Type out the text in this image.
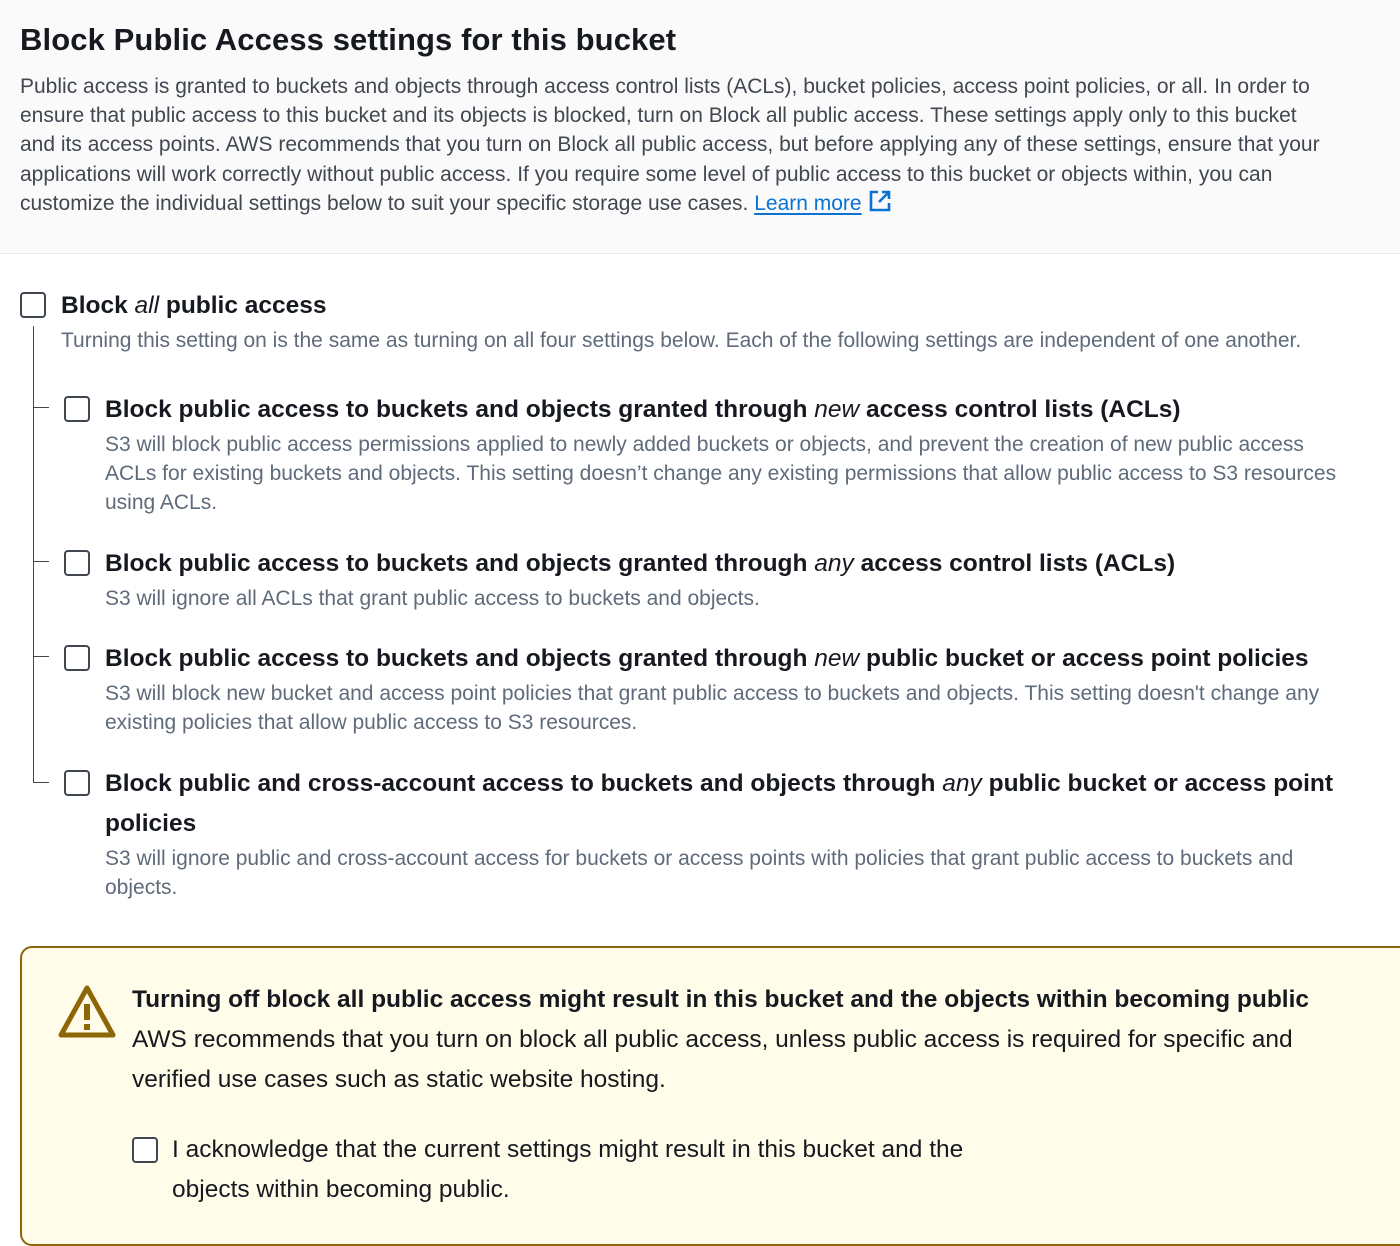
Block Public Access settings for this bucket
Public access is granted to buckets and objects through access control lists (ACLs), bucket policies, access point policies, or all. In order to
ensure that public access to this bucket and its objects is blocked, turn on Block all public access. These settings apply only to this bucket
and its access points. AWS recommends that you turn on Block all public access, but before applying any of these settings, ensure that your
applications will work correctly without public access. If you require some level of public access to this bucket or objects within, you can
customize the individual settings below to suit your specific storage use cases. Learn more
Block all public access
Turning this setting on is the same as turning on all four settings below. Each of the following settings are independent of one another.
Block public access to buckets and objects granted through new access control lists (ACLs)
S3 will block public access permissions applied to newly added buckets or objects, and prevent the creation of new public access
ACLs for existing buckets and objects. This setting doesn’t change any existing permissions that allow public access to S3 resources
using ACLs.
Block public access to buckets and objects granted through any access control lists (ACLs)
S3 will ignore all ACLs that grant public access to buckets and objects.
Block public access to buckets and objects granted through new public bucket or access point policies
S3 will block new bucket and access point policies that grant public access to buckets and objects. This setting doesn't change any
existing policies that allow public access to S3 resources.
Block public and cross-account access to buckets and objects through any public bucket or access point
policies
S3 will ignore public and cross-account access for buckets or access points with policies that grant public access to buckets and
objects.
Turning off block all public access might result in this bucket and the objects within becoming public
AWS recommends that you turn on block all public access, unless public access is required for specific and
verified use cases such as static website hosting.
I acknowledge that the current settings might result in this bucket and the
objects within becoming public.
